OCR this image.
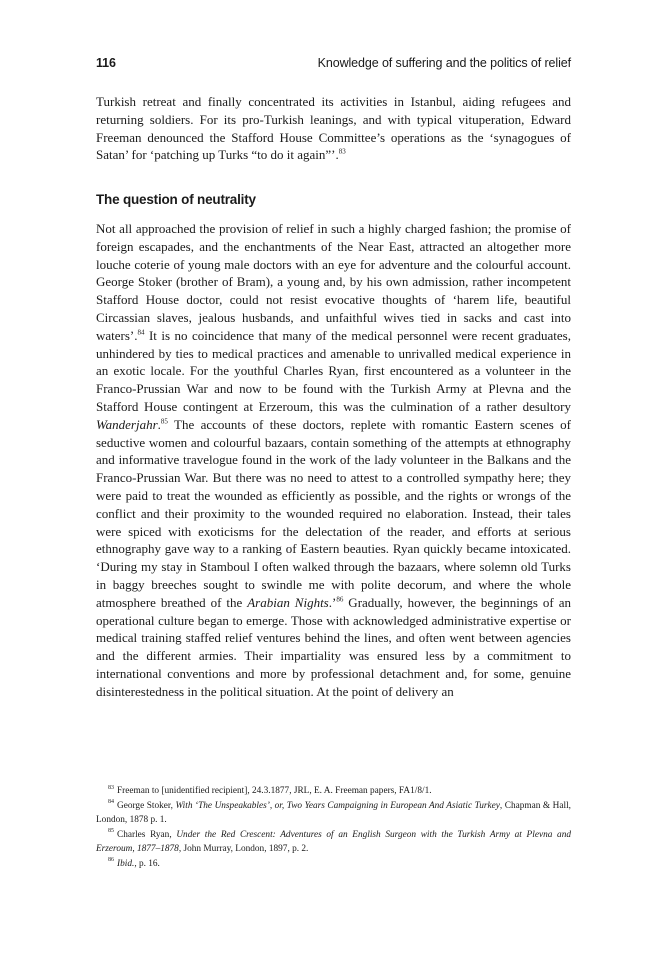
116	Knowledge of suffering and the politics of relief

Turkish retreat and finally concentrated its activities in Istanbul, aiding refugees and returning soldiers. For its pro-Turkish leanings, and with typical vituperation, Edward Freeman denounced the Stafford House Committee’s operations as the ‘synagogues of Satan’ for ‘patching up Turks “to do it again”’.$^{83}$

The question of neutrality

Not all approached the provision of relief in such a highly charged fashion; the promise of foreign escapades, and the enchantments of the Near East, attracted an altogether more louche coterie of young male doctors with an eye for adventure and the colourful account. George Stoker (brother of Bram), a young and, by his own admission, rather incompetent Stafford House doctor, could not resist evocative thoughts of ‘harem life, beautiful Circassian slaves, jealous husbands, and unfaithful wives tied in sacks and cast into waters’.$^{84}$ It is no coincidence that many of the medical personnel were recent graduates, unhindered by ties to medical practices and amenable to unrivalled medical experience in an exotic locale. For the youthful Charles Ryan, first encountered as a volunteer in the Franco-Prussian War and now to be found with the Turkish Army at Plevna and the Stafford House contingent at Erzeroum, this was the culmination of a rather desultory Wanderjahr.$^{85}$ The accounts of these doctors, replete with romantic Eastern scenes of seductive women and colourful bazaars, contain something of the attempts at ethnography and informative travelogue found in the work of the lady volunteer in the Balkans and the Franco-Prussian War. But there was no need to attest to a controlled sympathy here; they were paid to treat the wounded as efficiently as possible, and the rights or wrongs of the conflict and their proximity to the wounded required no elaboration. Instead, their tales were spiced with exoticisms for the delectation of the reader, and efforts at serious ethnography gave way to a ranking of Eastern beauties. Ryan quickly became intoxicated. ‘During my stay in Stamboul I often walked through the bazaars, where solemn old Turks in baggy breeches sought to swindle me with polite decorum, and where the whole atmosphere breathed of the Arabian Nights.’$^{86}$ Gradually, however, the beginnings of an operational culture began to emerge. Those with acknowledged administrative expertise or medical training staffed relief ventures behind the lines, and often went between agencies and the different armies. Their impartiality was ensured less by a commitment to international conventions and more by professional detachment and, for some, genuine disinterestedness in the political situation. At the point of delivery an

$^{83}$ Freeman to [unidentified recipient], 24.3.1877, JRL, E. A. Freeman papers, FA1/8/1.

$^{84}$ George Stoker, With ‘The Unspeakables’, or, Two Years Campaigning in European And Asiatic Turkey, Chapman & Hall, London, 1878 p. 1.

$^{85}$ Charles Ryan, Under the Red Crescent: Adventures of an English Surgeon with the Turkish Army at Plevna and Erzeroum, 1877–1878, John Murray, London, 1897, p. 2.

$^{86}$ Ibid., p. 16.
